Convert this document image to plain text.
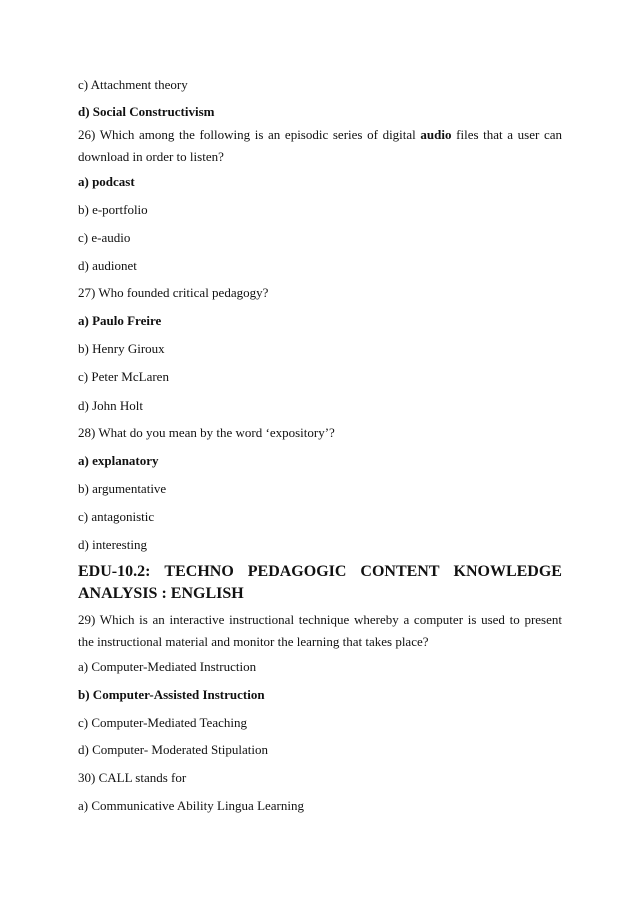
c) Attachment theory
d) Social Constructivism
26) Which among the following is an episodic series of digital audio files that a user can download in order to listen?
a) podcast
b) e-portfolio
c) e-audio
d) audionet
27) Who founded critical pedagogy?
a) Paulo Freire
b) Henry Giroux
c) Peter McLaren
d) John Holt
28) What do you mean by the word ‘expository’?
a) explanatory
b) argumentative
c) antagonistic
d) interesting
EDU-10.2: TECHNO PEDAGOGIC CONTENT KNOWLEDGE
ANALYSIS : ENGLISH
29) Which is an interactive instructional technique whereby a computer is used to present the instructional material and monitor the learning that takes place?
a) Computer-Mediated Instruction
b) Computer-Assisted Instruction
c) Computer-Mediated Teaching
d) Computer- Moderated Stipulation
30) CALL stands for
a) Communicative Ability Lingua Learning
